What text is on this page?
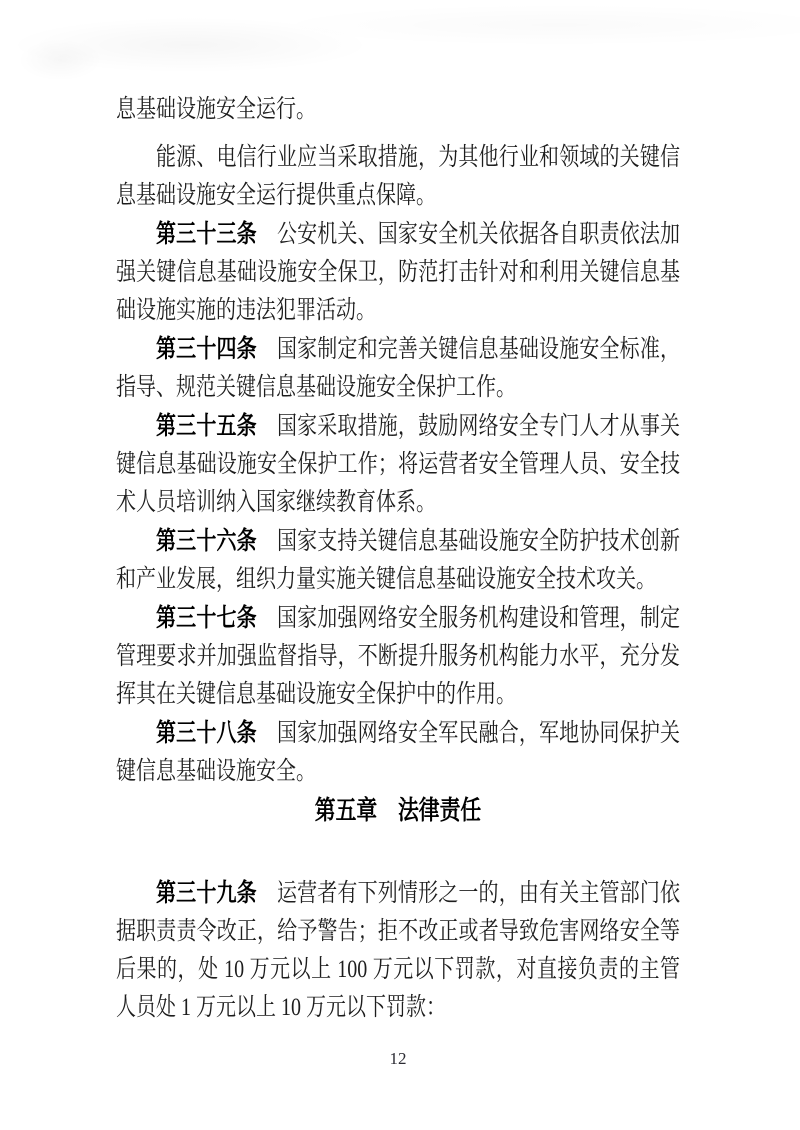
息基础设施安全运行。
能源、电信行业应当采取措施，为其他行业和领域的关键信
息基础设施安全运行提供重点保障。
第三十三条　公安机关、国家安全机关依据各自职责依法加
强关键信息基础设施安全保卫，防范打击针对和利用关键信息基
础设施实施的违法犯罪活动。
第三十四条　国家制定和完善关键信息基础设施安全标准，
指导、规范关键信息基础设施安全保护工作。
第三十五条　国家采取措施，鼓励网络安全专门人才从事关
键信息基础设施安全保护工作；将运营者安全管理人员、安全技
术人员培训纳入国家继续教育体系。
第三十六条　国家支持关键信息基础设施安全防护技术创新
和产业发展，组织力量实施关键信息基础设施安全技术攻关。
第三十七条　国家加强网络安全服务机构建设和管理，制定
管理要求并加强监督指导，不断提升服务机构能力水平，充分发
挥其在关键信息基础设施安全保护中的作用。
第三十八条　国家加强网络安全军民融合，军地协同保护关
键信息基础设施安全。
第五章　法律责任
第三十九条　运营者有下列情形之一的，由有关主管部门依
据职责责令改正，给予警告；拒不改正或者导致危害网络安全等
后果的，处 10 万元以上 100 万元以下罚款，对直接负责的主管
人员处 1 万元以上 10 万元以下罚款：
12
